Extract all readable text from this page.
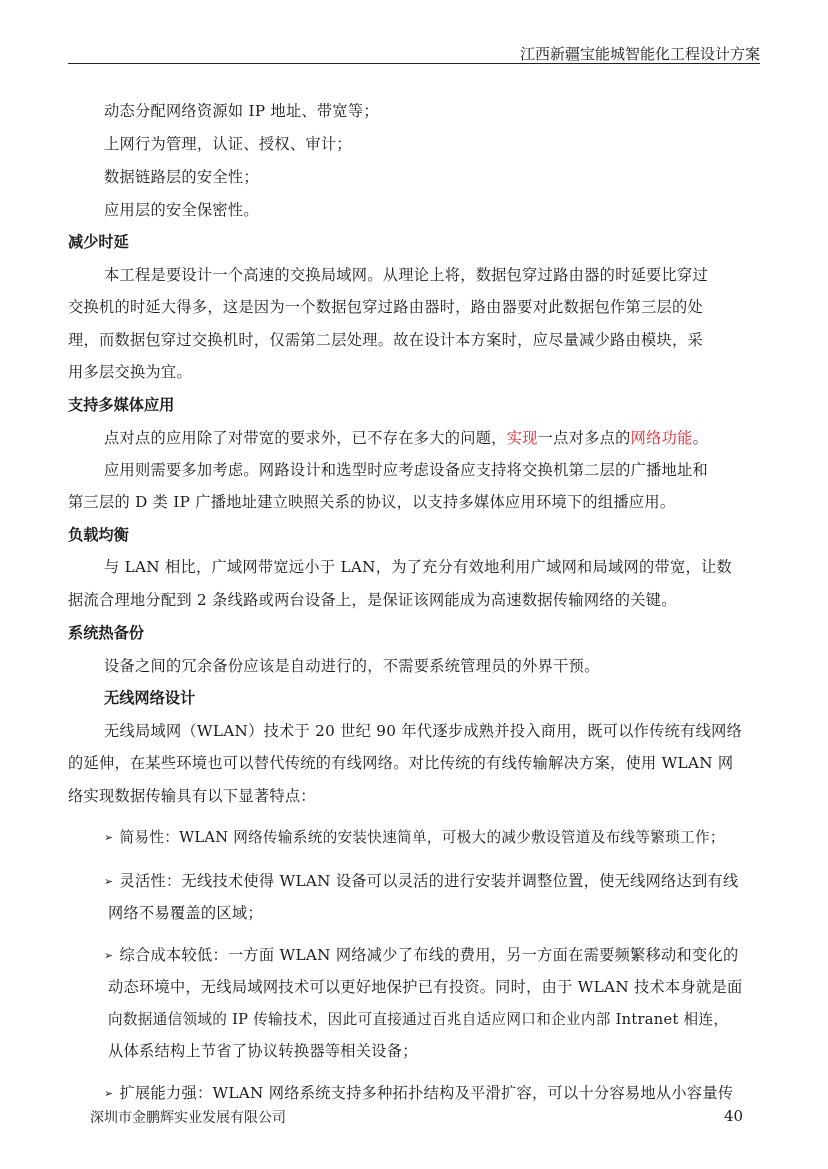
江西新疆宝能城智能化工程设计方案
动态分配网络资源如 IP 地址、带宽等；
上网行为管理，认证、授权、审计；
数据链路层的安全性；
应用层的安全保密性。
减少时延
本工程是要设计一个高速的交换局域网。从理论上将，数据包穿过路由器的时延要比穿过
交换机的时延大得多，这是因为一个数据包穿过路由器时，路由器要对此数据包作第三层的处
理，而数据包穿过交换机时，仅需第二层处理。故在设计本方案时，应尽量减少路由模块，采
用多层交换为宜。
支持多媒体应用
点对点的应用除了对带宽的要求外，已不存在多大的问题，实现一点对多点的网络功能。
应用则需要多加考虑。网路设计和选型时应考虑设备应支持将交换机第二层的广播地址和
第三层的 D 类 IP 广播地址建立映照关系的协议，以支持多媒体应用环境下的组播应用。
负载均衡
与 LAN 相比，广域网带宽远小于 LAN，为了充分有效地利用广域网和局域网的带宽，让数
据流合理地分配到 2 条线路或两台设备上，是保证该网能成为高速数据传输网络的关键。
系统热备份
设备之间的冗余备份应该是自动进行的，不需要系统管理员的外界干预。
无线网络设计
无线局域网（WLAN）技术于 20 世纪 90 年代逐步成熟并投入商用，既可以作传统有线网络
的延伸，在某些环境也可以替代传统的有线网络。对比传统的有线传输解决方案，使用 WLAN 网
络实现数据传输具有以下显著特点：
➢ 简易性：WLAN 网络传输系统的安装快速简单，可极大的减少敷设管道及布线等繁琐工作；
➢ 灵活性：无线技术使得 WLAN 设备可以灵活的进行安装并调整位置，使无线网络达到有线
网络不易覆盖的区域；
➢ 综合成本较低：一方面 WLAN 网络减少了布线的费用，另一方面在需要频繁移动和变化的
动态环境中，无线局域网技术可以更好地保护已有投资。同时，由于 WLAN 技术本身就是面
向数据通信领域的 IP 传输技术，因此可直接通过百兆自适应网口和企业内部 Intranet 相连，
从体系结构上节省了协议转换器等相关设备；
➢ 扩展能力强：WLAN 网络系统支持多种拓扑结构及平滑扩容，可以十分容易地从小容量传
深圳市金鹏辉实业发展有限公司	40
